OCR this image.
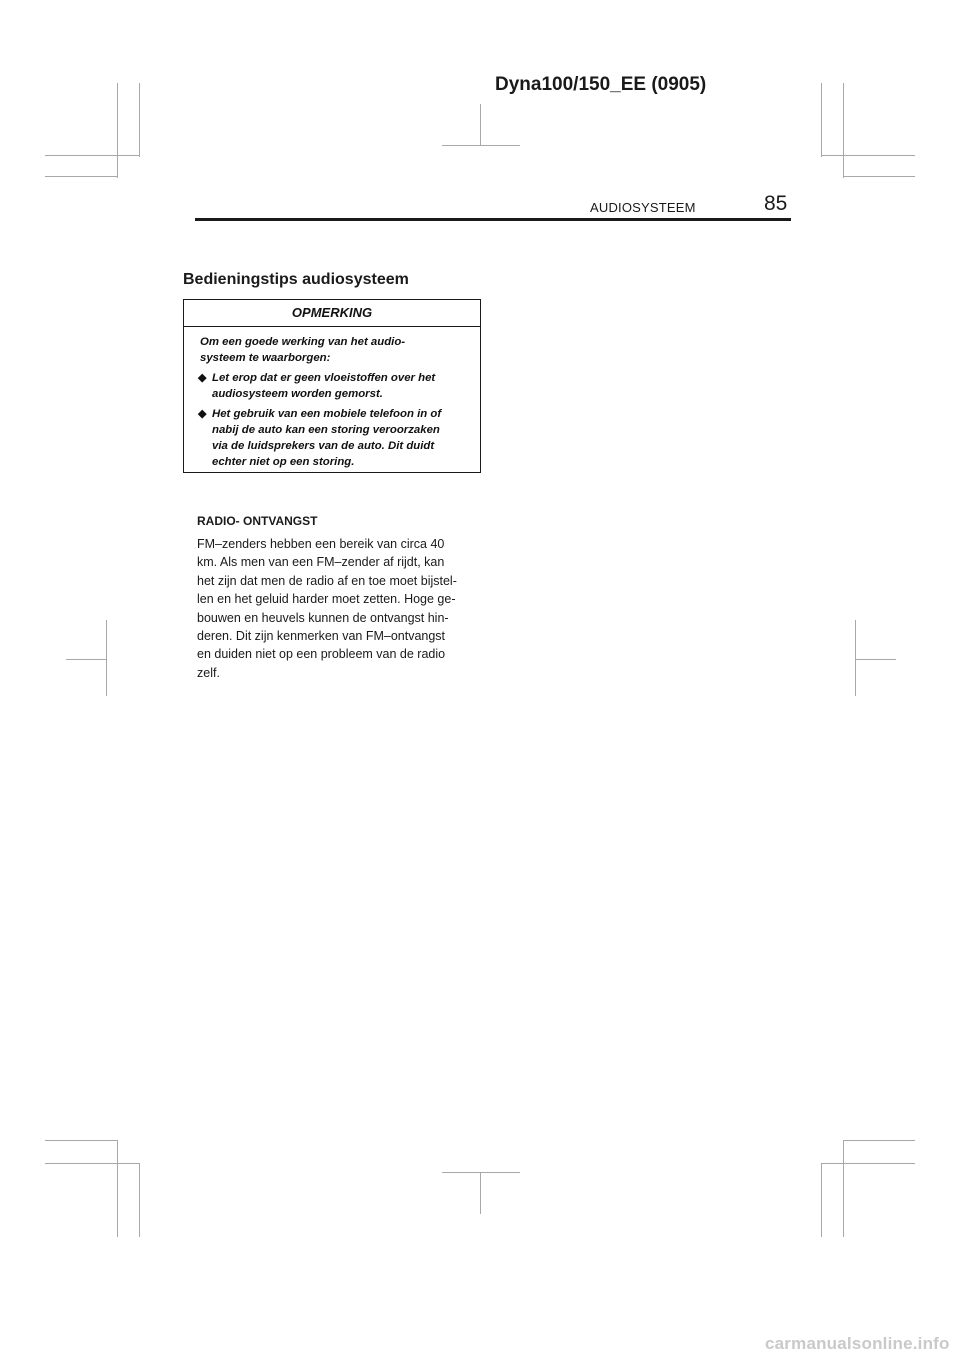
Dyna100/150_EE (0905)
AUDIOSYSTEEM	85
Bedieningstips audiosysteem
OPMERKING
Om een goede werking van het audio-
systeem te waarborgen:
◆ Let erop dat er geen vloeistoffen over het
audiosysteem worden gemorst.
◆ Het gebruik van een mobiele telefoon in of
nabij de auto kan een storing veroorzaken
via de luidsprekers van de auto. Dit duidt
echter niet op een storing.
RADIO- ONTVANGST
FM–zenders hebben een bereik van circa 40
km. Als men van een FM–zender af rijdt, kan
het zijn dat men de radio af en toe moet bijstel-
len en het geluid harder moet zetten. Hoge ge-
bouwen en heuvels kunnen de ontvangst hin-
deren. Dit zijn kenmerken van FM–ontvangst
en duiden niet op een probleem van de radio
zelf.
carmanualsonline.info
